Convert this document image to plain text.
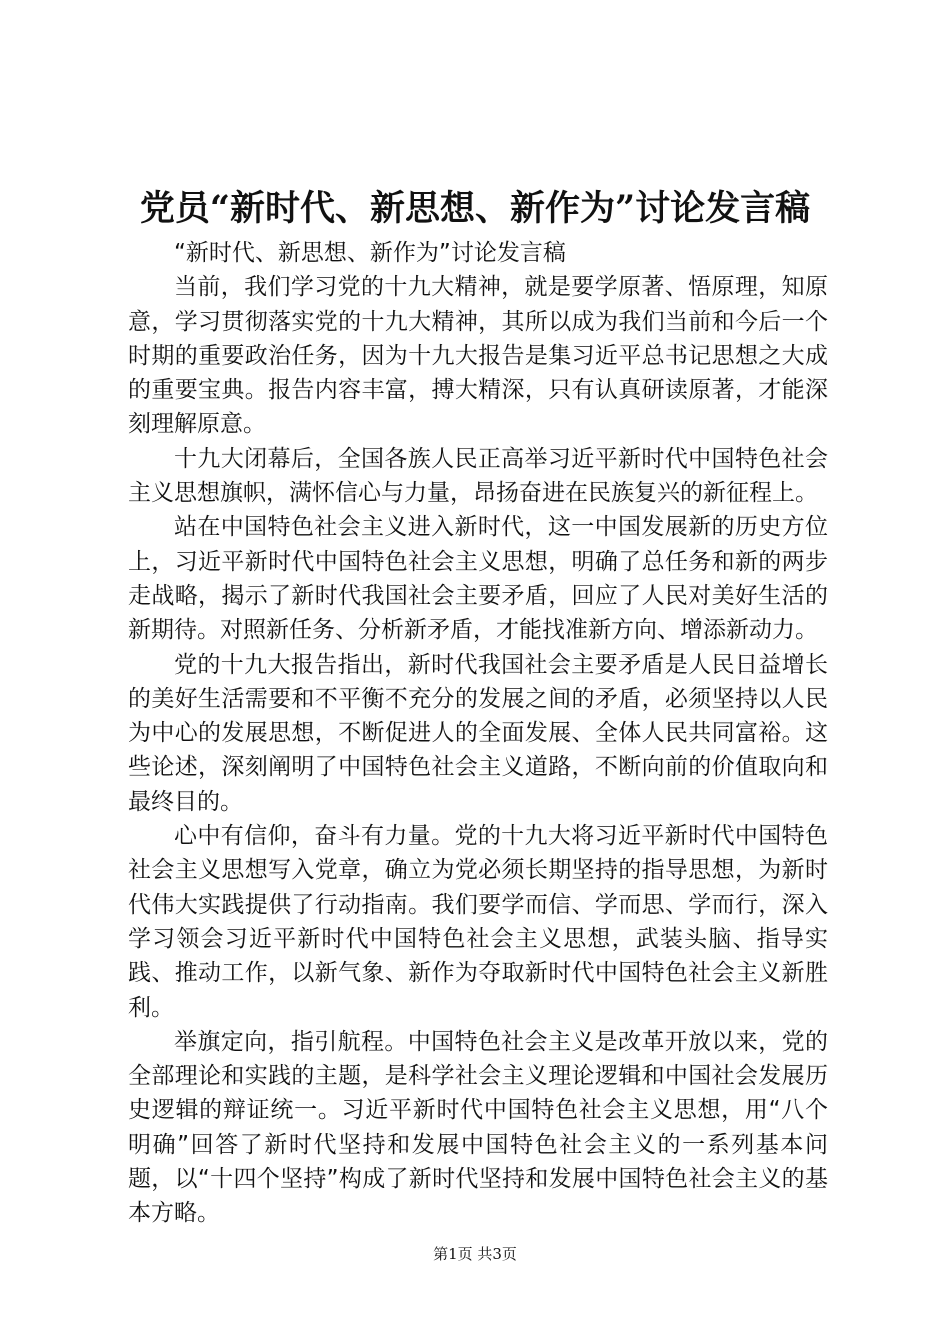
党员“新时代、新思想、新作为”讨论发言稿

“新时代、新思想、新作为”讨论发言稿

当前，我们学习党的十九大精神，就是要学原著、悟原理，知原意，学习贯彻落实党的十九大精神，其所以成为我们当前和今后一个时期的重要政治任务，因为十九大报告是集习近平总书记思想之大成的重要宝典。报告内容丰富，搏大精深，只有认真研读原著，才能深刻理解原意。

十九大闭幕后，全国各族人民正高举习近平新时代中国特色社会主义思想旗帜，满怀信心与力量，昂扬奋进在民族复兴的新征程上。

站在中国特色社会主义进入新时代，这一中国发展新的历史方位上，习近平新时代中国特色社会主义思想，明确了总任务和新的两步走战略，揭示了新时代我国社会主要矛盾，回应了人民对美好生活的新期待。对照新任务、分析新矛盾，才能找准新方向、增添新动力。

党的十九大报告指出，新时代我国社会主要矛盾是人民日益增长的美好生活需要和不平衡不充分的发展之间的矛盾，必须坚持以人民为中心的发展思想，不断促进人的全面发展、全体人民共同富裕。这些论述，深刻阐明了中国特色社会主义道路，不断向前的价值取向和最终目的。

心中有信仰，奋斗有力量。党的十九大将习近平新时代中国特色社会主义思想写入党章，确立为党必须长期坚持的指导思想，为新时代伟大实践提供了行动指南。我们要学而信、学而思、学而行，深入学习领会习近平新时代中国特色社会主义思想，武装头脑、指导实践、推动工作，以新气象、新作为夺取新时代中国特色社会主义新胜利。

举旗定向，指引航程。中国特色社会主义是改革开放以来，党的全部理论和实践的主题，是科学社会主义理论逻辑和中国社会发展历史逻辑的辩证统一。习近平新时代中国特色社会主义思想，用“八个明确”回答了新时代坚持和发展中国特色社会主义的一系列基本问题，以“十四个坚持”构成了新时代坚持和发展中国特色社会主义的基本方略。

第1页 共3页
